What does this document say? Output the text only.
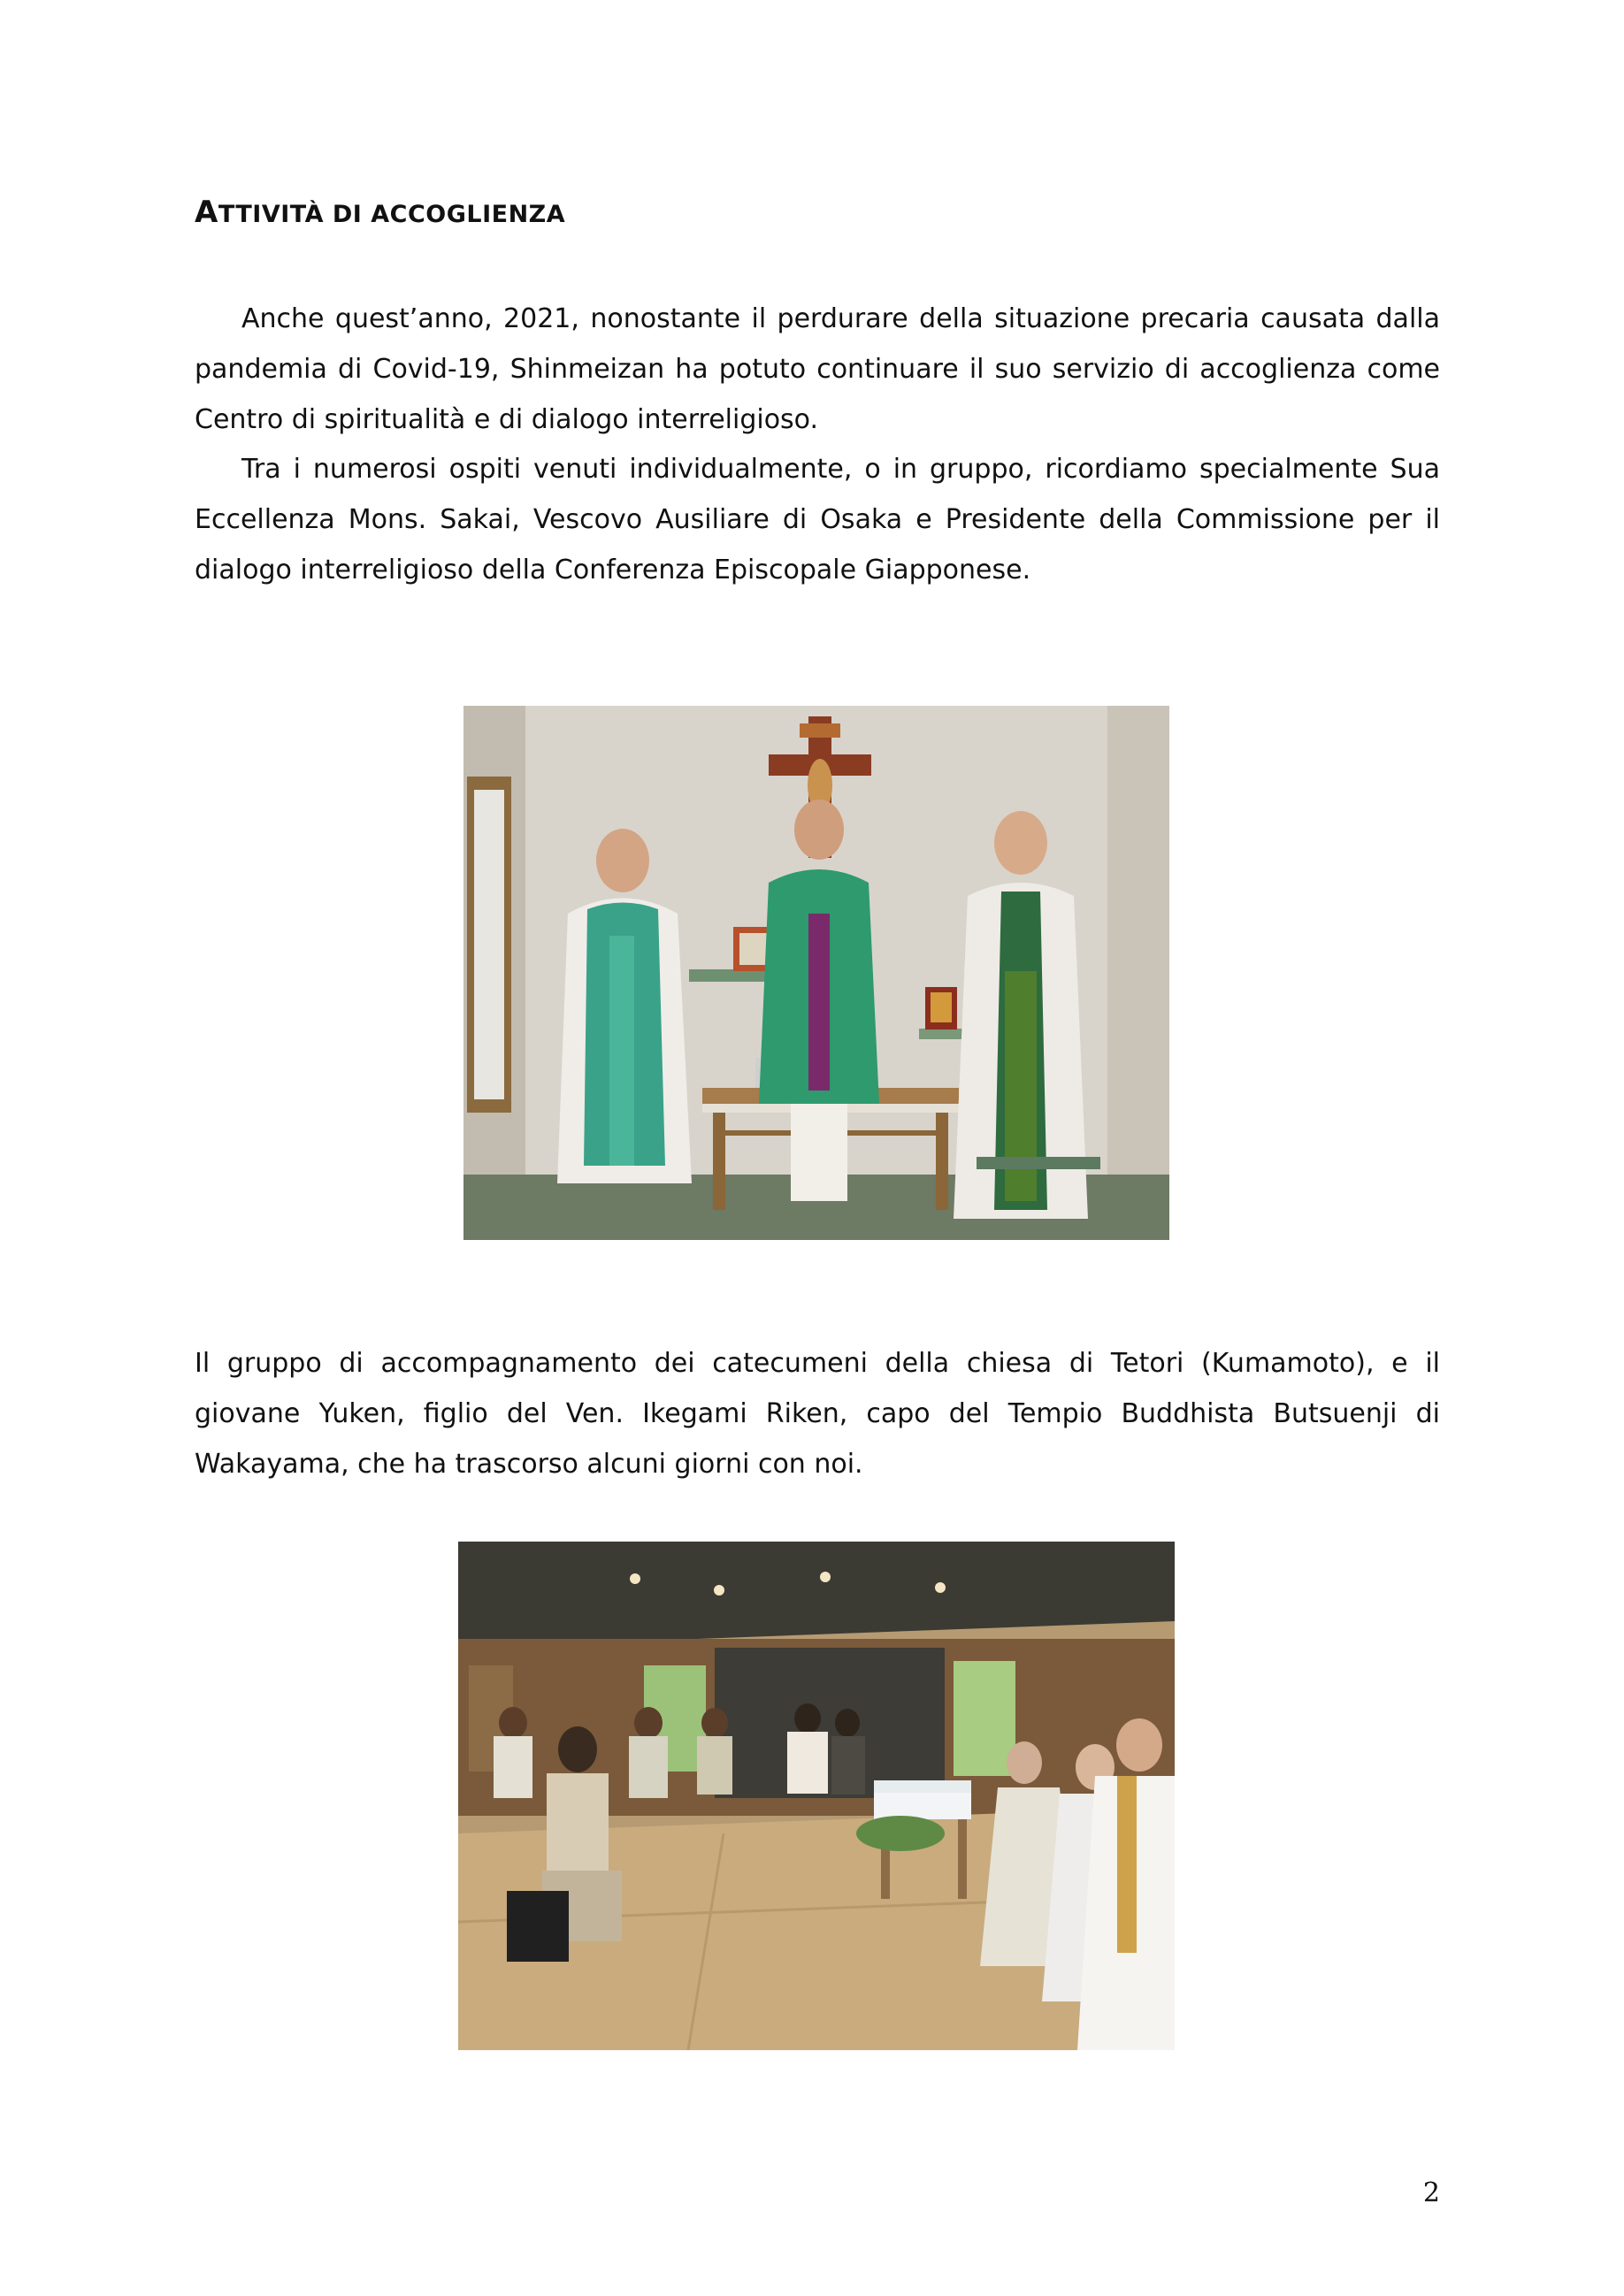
ATTIVITÀ DI ACCOGLIENZA

Anche quest’anno, 2021, nonostante il perdurare della situazione precaria causata dalla pandemia di Covid-19, Shinmeizan ha potuto continuare il suo servizio di accoglienza come Centro di spiritualità e di dialogo interreligioso.

Tra i numerosi ospiti venuti individualmente, o in gruppo, ricordiamo specialmente Sua Eccellenza Mons. Sakai, Vescovo Ausiliare di Osaka e Presidente della Commissione per il dialogo interreligioso della Conferenza Episcopale Giapponese.

Il gruppo di accompagnamento dei catecumeni della chiesa di Tetori (Kumamoto), e il giovane Yuken, figlio del Ven. Ikegami Riken, capo del Tempio Buddhista Butsuenji di Wakayama, che ha trascorso alcuni giorni con noi.

2
